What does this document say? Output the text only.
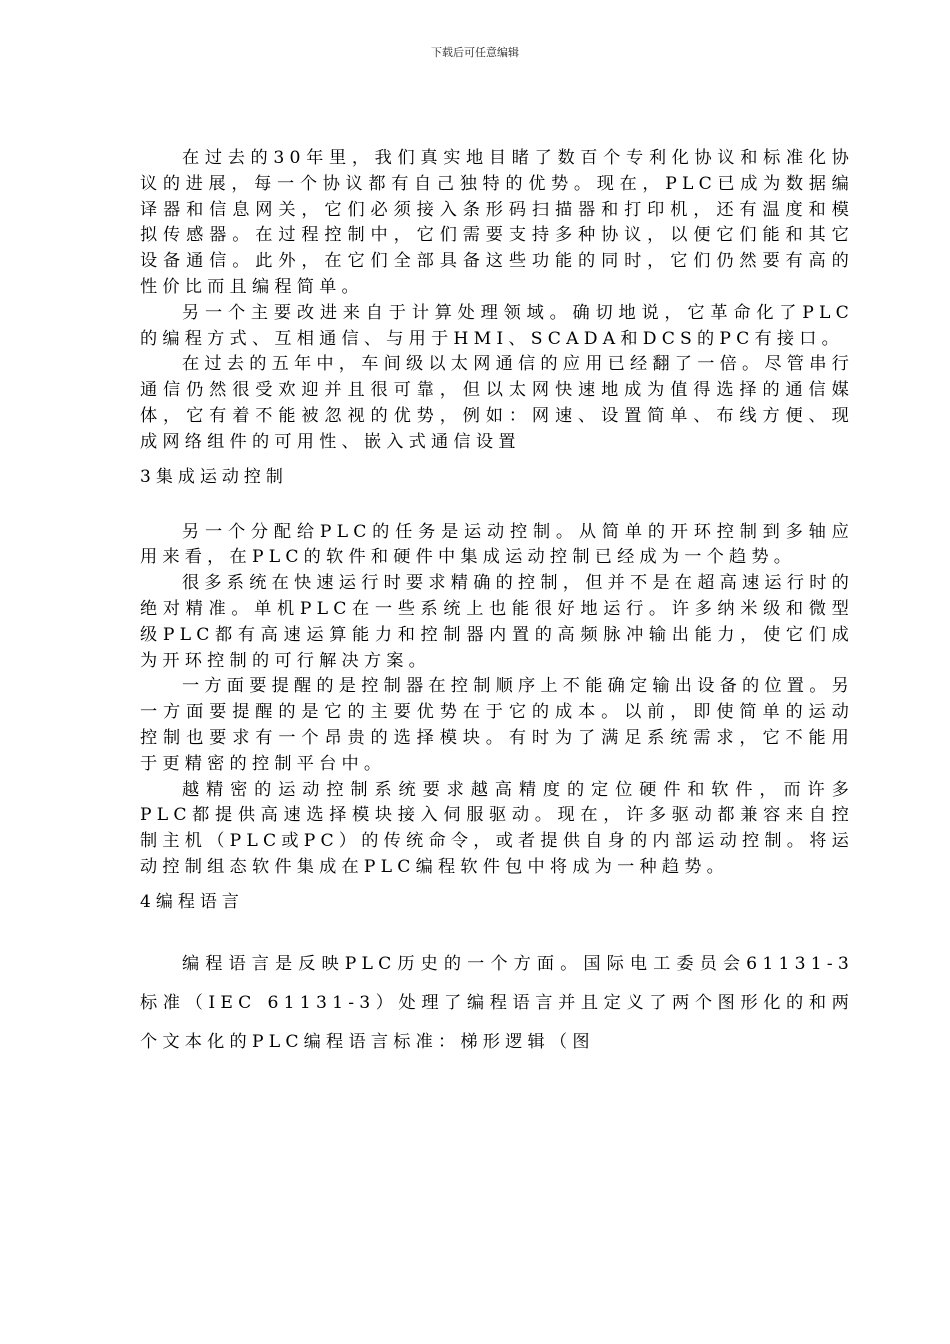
下载后可任意编辑

在过去的30年里，我们真实地目睹了数百个专利化协议和标准化协议的进展，每一个协议都有自己独特的优势。现在，PLC已成为数据编译器和信息网关，它们必须接入条形码扫描器和打印机，还有温度和模拟传感器。在过程控制中，它们需要支持多种协议，以便它们能和其它设备通信。此外，在它们全部具备这些功能的同时，它们仍然要有高的性价比而且编程简单。

另一个主要改进来自于计算处理领域。确切地说，它革命化了PLC的编程方式、互相通信、与用于HMI、SCADA和DCS的PC有接口。

在过去的五年中，车间级以太网通信的应用已经翻了一倍。尽管串行通信仍然很受欢迎并且很可靠，但以太网快速地成为值得选择的通信媒体，它有着不能被忽视的优势，例如：网速、设置简单、布线方便、现成网络组件的可用性、嵌入式通信设置

3集成运动控制

另一个分配给PLC的任务是运动控制。从简单的开环控制到多轴应用来看，在PLC的软件和硬件中集成运动控制已经成为一个趋势。

很多系统在快速运行时要求精确的控制，但并不是在超高速运行时的绝对精准。单机PLC在一些系统上也能很好地运行。许多纳米级和微型级PLC都有高速运算能力和控制器内置的高频脉冲输出能力，使它们成为开环控制的可行解决方案。

一方面要提醒的是控制器在控制顺序上不能确定输出设备的位置。另一方面要提醒的是它的主要优势在于它的成本。以前，即使简单的运动控制也要求有一个昂贵的选择模块。有时为了满足系统需求，它不能用于更精密的控制平台中。

越精密的运动控制系统要求越高精度的定位硬件和软件，而许多PLC都提供高速选择模块接入伺服驱动。现在，许多驱动都兼容来自控制主机（PLC或PC）的传统命令，或者提供自身的内部运动控制。将运动控制组态软件集成在PLC编程软件包中将成为一种趋势。

4编程语言

编程语言是反映PLC历史的一个方面。国际电工委员会61131-3标准（IEC 61131-3）处理了编程语言并且定义了两个图形化的和两个文本化的PLC编程语言标准：梯形逻辑（图
